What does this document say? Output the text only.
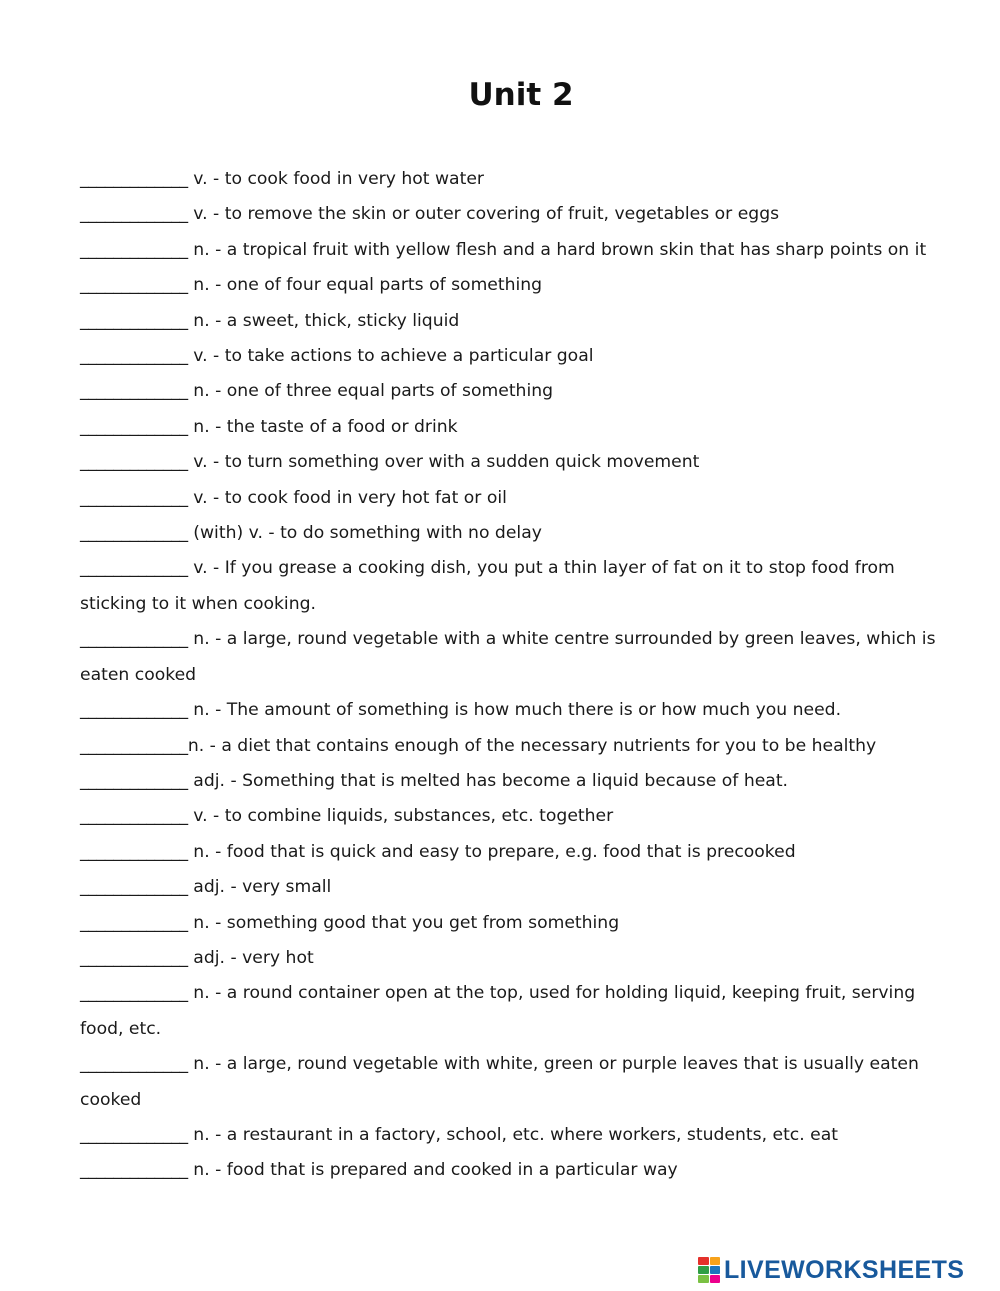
Unit 2
_____________ v. - to cook food in very hot water
_____________ v. - to remove the skin or outer covering of fruit, vegetables or eggs
_____________ n. - a tropical fruit with yellow flesh and a hard brown skin that has sharp points on it
_____________ n. - one of four equal parts of something
_____________ n. - a sweet, thick, sticky liquid
_____________ v. - to take actions to achieve a particular goal
_____________ n. - one of three equal parts of something
_____________ n. - the taste of a food or drink
_____________ v. - to turn something over with a sudden quick movement
_____________ v. - to cook food in very hot fat or oil
_____________ (with) v. - to do something with no delay
_____________ v. - If you grease a cooking dish, you put a thin layer of fat on it to stop food from sticking to it when cooking.
_____________ n. - a large, round vegetable with a white centre surrounded by green leaves, which is eaten cooked
_____________ n. - The amount of something is how much there is or how much you need.
_____________n. - a diet that contains enough of the necessary nutrients for you to be healthy
_____________ adj. - Something that is melted has become a liquid because of heat.
_____________ v. - to combine liquids, substances, etc. together
_____________ n. - food that is quick and easy to prepare, e.g. food that is precooked
_____________ adj. - very small
_____________ n. - something good that you get from something
_____________ adj. - very hot
_____________ n. - a round container open at the top, used for holding liquid, keeping fruit, serving food, etc.
_____________ n. - a large, round vegetable with white, green or purple leaves that is usually eaten cooked
_____________ n. - a restaurant in a factory, school, etc. where workers, students, etc. eat
_____________ n. - food that is prepared and cooked in a particular way
LIVEWORKSHEETS
